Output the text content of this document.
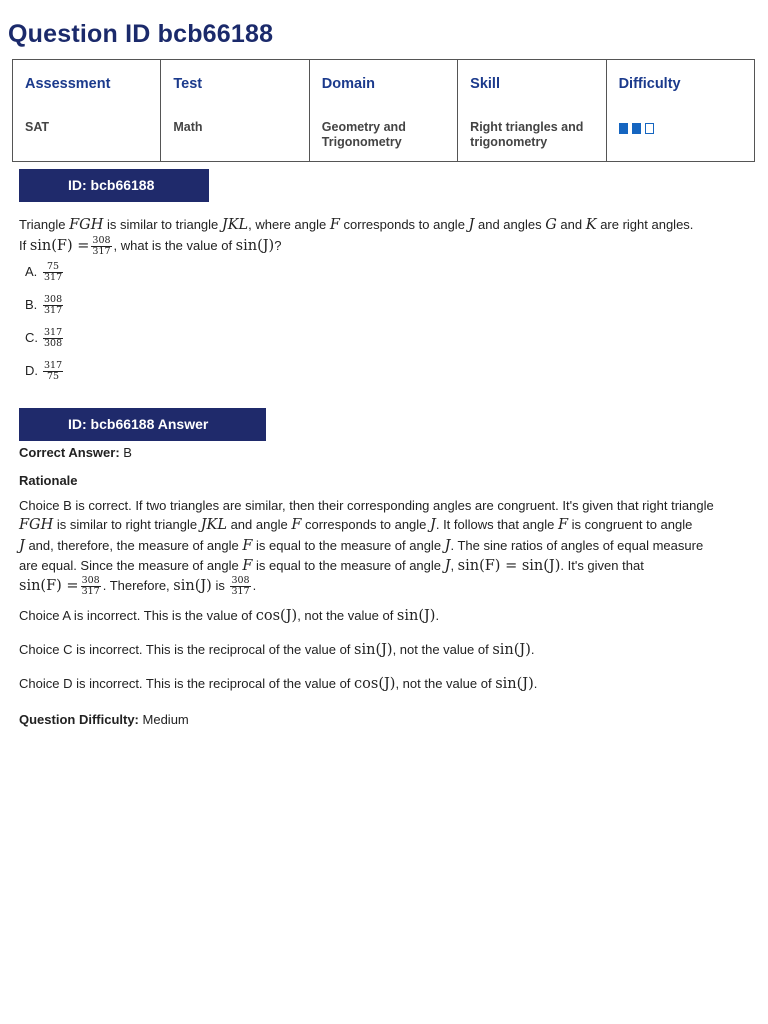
Question ID bcb66188
Assessment	Test	Domain	Skill	Difficulty
SAT	Math	Geometry and Trigonometry	Right triangles and trigonometry	
ID: bcb66188
Triangle FGH is similar to triangle JKL, where angle F corresponds to angle J and angles G and K are right angles.
If $\sin(F) = \frac{308}{317}$ , what is the value of sin(J)?
A. $\frac{75}{317}$
B. $\frac{308}{317}$
C. $\frac{317}{308}$
D. $\frac{317}{75}$
ID: bcb66188 Answer
Correct Answer: B
Rationale
Choice B is correct. If two triangles are similar, then their corresponding angles are congruent. It's given that right triangle
FGH is similar to right triangle JKL and angle F corresponds to angle J. It follows that angle F is congruent to angle
J and, therefore, the measure of angle F is equal to the measure of angle J. The sine ratios of angles of equal measure
are equal. Since the measure of angle F is equal to the measure of angle J, sin(F) = sin(J). It's given that
$\sin(F) = \frac{308}{317}$ . Therefore, sin(J) is $\frac{308}{317}$ .
Choice A is incorrect. This is the value of cos(J), not the value of sin(J).
Choice C is incorrect. This is the reciprocal of the value of sin(J), not the value of sin(J).
Choice D is incorrect. This is the reciprocal of the value of cos(J), not the value of sin(J).
Question Difficulty: Medium
